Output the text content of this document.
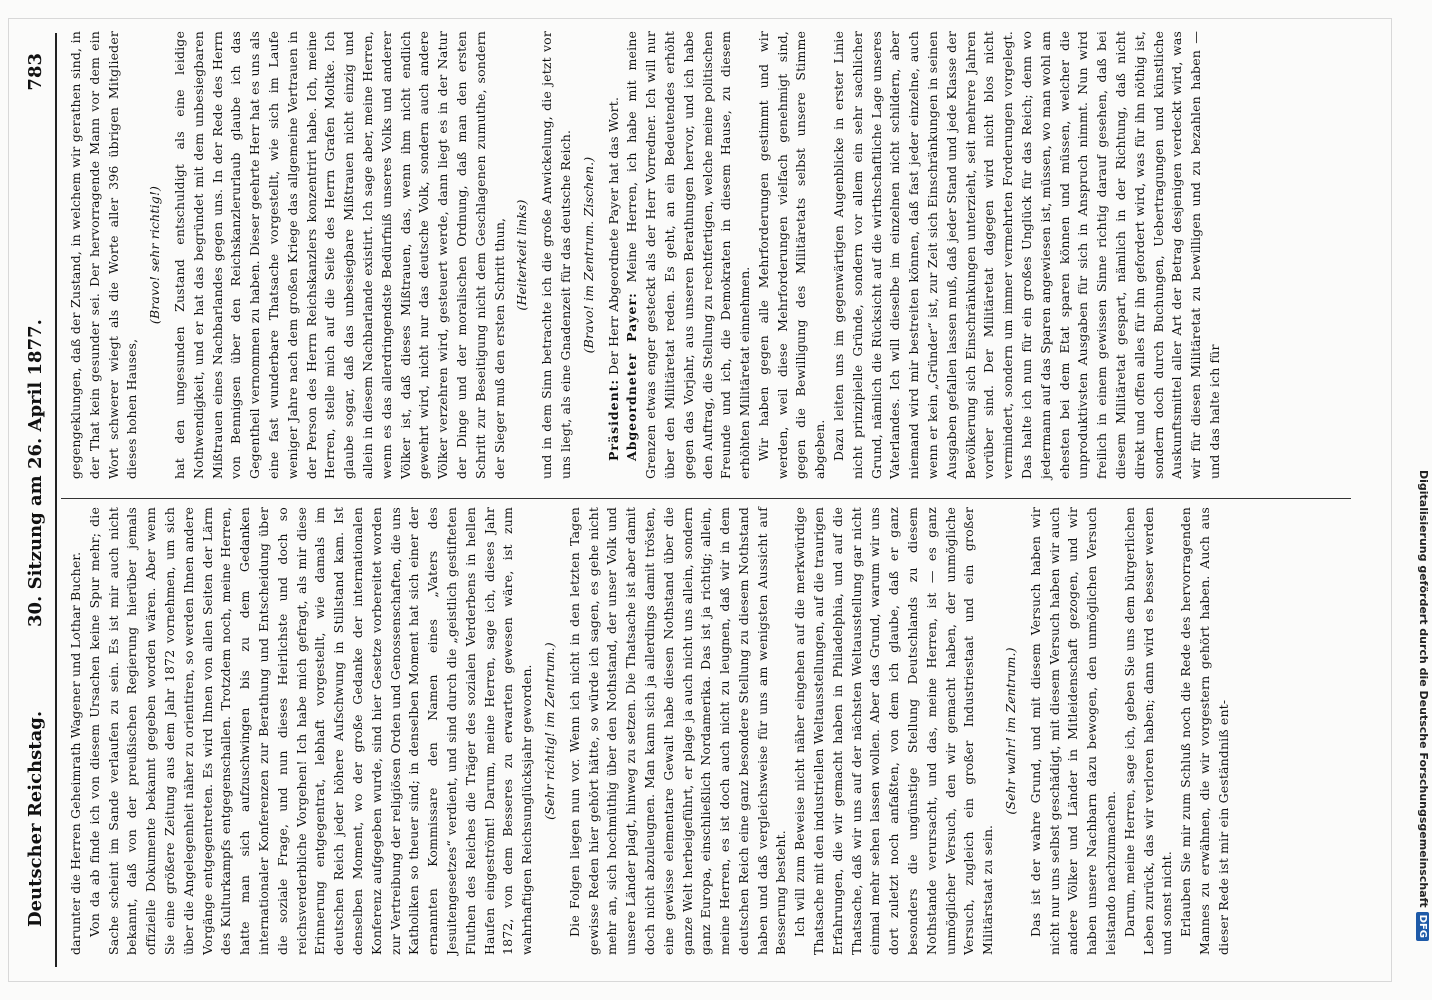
Deutscher Reichstag.
30. Sitzung am 26. April 1877.
783

darunter die Herren Geheimrath Wagener und Lothar Bucher. Von da ab finde ich von diesem Ursachen keine Spur mehr; die Sache scheint im Sande verlaufen zu sein. Es ist mir auch nicht bekannt, daß von der preußischen Regierung hierüber jemals offizielle Dokumente bekannt gegeben worden wären. Aber wenn Sie eine größere Zeitung aus dem Jahr 1872 vornehmen, um sich über die Angelegenheit näher zu orientiren, so werden Ihnen andere Vorgänge entgegentreten. Es wird Ihnen von allen Seiten der Lärm des Kulturkampfs entgegenschallen. Trotzdem noch, meine Herren, hatte man sich aufzuschwingen bis zu dem Gedanken internationaler Konferenzen zur Berathung und Entscheidung über die soziale Frage, und nun dieses Heirlichste und doch so reichsverderbliche Vorgehen! Ich habe mich gefragt, als mir diese Erinnerung entgegentrat, lebhaft vorgestellt, wie damals im deutschen Reich jeder höhere Aufschwung in Stillstand kam. Ist denselben Moment, wo der große Gedanke der internationalen Konferenz aufgegeben wurde, sind hier Gesetze vorbereitet worden zur Vertreibung der religiösen Orden und Genossenschaften, die uns Katholiken so theuer sind; in denselben Moment hat sich einer der ernannten Kommissare den Namen eines „Vaters des Jesuitengesetzes“ verdient, und sind durch die „geistlich gestifteten Fluthen des Reiches die Träger des sozialen Verderbens in hellen Haufen eingeströmt! Darum, meine Herren, sage ich, dieses Jahr 1872, von dem Besseres zu erwarten gewesen wäre, ist zum wahrhaftigen Reichsunglücksjahr geworden. (Sehr richtig! im Zentrum.) Die Folgen liegen nun vor. Wenn ich nicht in den letzten Tagen gewisse Reden hier gehört hätte, so würde ich sagen, es gehe nicht mehr an, sich hochmüthig über den Nothstand, der unser Volk und unsere Länder plagt, hinweg zu setzen. Die Thatsache ist aber damit doch nicht abzuleugnen. Man kann sich ja allerdings damit trösten, eine gewisse elementare Gewalt habe diesen Nothstand über die ganze Welt herbeigeführt, er plage ja auch nicht uns allein, sondern ganz Europa, einschließlich Nordamerika. Das ist ja richtig; allein, meine Herren, es ist doch auch nicht zu leugnen, daß wir in dem deutschen Reich eine ganz besondere Stellung zu diesem Nothstand haben und daß vergleichsweise für uns am wenigsten Aussicht auf Besserung besteht. Ich will zum Beweise nicht näher eingehen auf die merkwürdige Thatsache mit den industriellen Weltausstellungen, auf die traurigen Erfahrungen, die wir gemacht haben in Philadelphia, und auf die Thatsache, daß wir uns auf der nächsten Weltausstellung gar nicht einmal mehr sehen lassen wollen. Aber das Grund, warum wir uns dort zuletzt noch anfaßten, von dem ich glaube, daß er ganz besonders die ungünstige Stellung Deutschlands zu diesem Nothstande verursacht, und das, meine Herren, ist — es ganz unmöglicher Versuch, den wir gemacht haben, der unmögliche Versuch, zugleich ein großer Industriestaat und ein großer Militärstaat zu sein.

(Sehr wahr! im Zentrum.) Das ist der wahre Grund, und mit diesem Versuch haben wir nicht nur uns selbst geschädigt, mit diesem Versuch haben wir auch andere Völker und Länder in Mitleidenschaft gezogen, und wir haben unsere Nachbarn dazu bewogen, den unmöglichen Versuch leistando nachzumachen. Darum, meine Herren, sage ich, geben Sie uns dem bürgerlichen Leben zurück, das wir verloren haben; dann wird es besser werden und sonst nicht. Erlauben Sie mir zum Schluß noch die Rede des hervorragenden Mannes zu erwähnen, die wir vorgestern gehört haben. Auch aus dieser Rede ist mir ein Geständniß ent-

gegengeklungen, daß der Zustand, in welchem wir gerathen sind, in der That kein gesunder sei. Der hervorragende Mann vor dem ein Wort schwerer wiegt als die Worte aller 396 übrigen Mitglieder dieses hohen Hauses,

(Bravo! sehr richtig!) hat den ungesunden Zustand entschuldigt als eine leidige Nothwendigkeit, und er hat das begründet mit dem unbesiegbaren Mißtrauen eines Nachbarlandes gegen uns. In der Rede des Herrn von Bennigsen über den Reichskanzlerurlaub glaube ich das Gegentheil vernommen zu haben. Dieser geehrte Herr hat es uns als eine fast wunderbare Thatsache vorgestellt, wie sich im Laufe weniger Jahre nach dem großen Kriege das allgemeine Vertrauen in der Person des Herrn Reichskanzlers konzentrirt habe. Ich, meine Herren, stelle mich auf die Seite des Herrn Grafen Moltke. Ich glaube sogar, daß das unbesiegbare Mißtrauen nicht einzig und allein in diesem Nachbarlande existirt. Ich sage aber, meine Herren, wenn es das allerdringendste Bedürfniß unseres Volks und anderer Völker ist, daß dieses Mißtrauen, das, wenn ihm nicht endlich gewehrt wird, nicht nur das deutsche Volk, sondern auch andere Völker verzehren wird, gesteuert werde, dann liegt es in der Natur der Dinge und der moralischen Ordnung, daß man den ersten Schritt zur Beseitigung nicht dem Geschlagenen zumuthe, sondern der Sieger muß den ersten Schritt thun, (Heiterkeit links) und in dem Sinn betrachte ich die große Anwickelung, die jetzt vor uns liegt, als eine Gnadenzeit für das deutsche Reich. (Bravo! im Zentrum. Zischen.)

Präsident: Der Herr Abgeordnete Payer hat das Wort. Abgeordneter Payer: Meine Herren, ich habe mit meine Grenzen etwas enger gesteckt als der Herr Vorredner. Ich will nur über den Militäretat reden. Es geht, an ein Bedeutendes erhöht gegen das Vorjahr, aus unseren Berathungen hervor, und ich habe den Auftrag, die Stellung zu rechtfertigen, welche meine politischen Freunde und ich, die Demokraten in diesem Hause, zu diesem erhöhten Militäretat einnehmen. Wir haben gegen alle Mehrforderungen gestimmt und wir werden, weil diese Mehrforderungen vielfach genehmigt sind, gegen die Bewilligung des Militäretats selbst unsere Stimme abgeben. Dazu leiten uns im gegenwärtigen Augenblicke in erster Linie nicht prinzipielle Gründe, sondern vor allem ein sehr sachlicher Grund, nämlich die Rücksicht auf die wirthschaftliche Lage unseres Vaterlandes. Ich will dieselbe im einzelnen nicht schildern, aber niemand wird mir bestreiten können, daß fast jeder einzelne, auch wenn er kein „Gründer“ ist, zur Zeit sich Einschränkungen in seinen Ausgaben gefallen lassen muß, daß jeder Stand und jede Klasse der Bevölkerung sich Einschränkungen unterzieht, seit mehrere Jahren vorüber sind. Der Militäretat dagegen wird nicht blos nicht vermindert, sondern um immer vermehrten Forderungen vorgelegt. Das halte ich nun für ein großes Unglück für das Reich; denn wo jedermann auf das Sparen angewiesen ist, müssen, wo man wohl am ehesten bei dem Etat sparen können und müssen, welcher die unproduktivsten Ausgaben für sich in Anspruch nimmt. Nun wird freilich in einem gewissen Sinne richtig darauf gesehen, daß bei diesem Militäretat gespart, nämlich in der Richtung, daß nicht direkt und offen alles für ihn gefordert wird, was für ihn nöthig ist, sondern doch durch Buchungen, Uebertragungen und künstliche Auskunftsmittel aller Art der Betrag desjenigen verdeckt wird, was wir für diesen Militäretat zu bewilligen und zu bezahlen haben — und das halte ich für

Digitalisierung gefördert durch die Deutsche ForschungsgemeinschaftDFG
